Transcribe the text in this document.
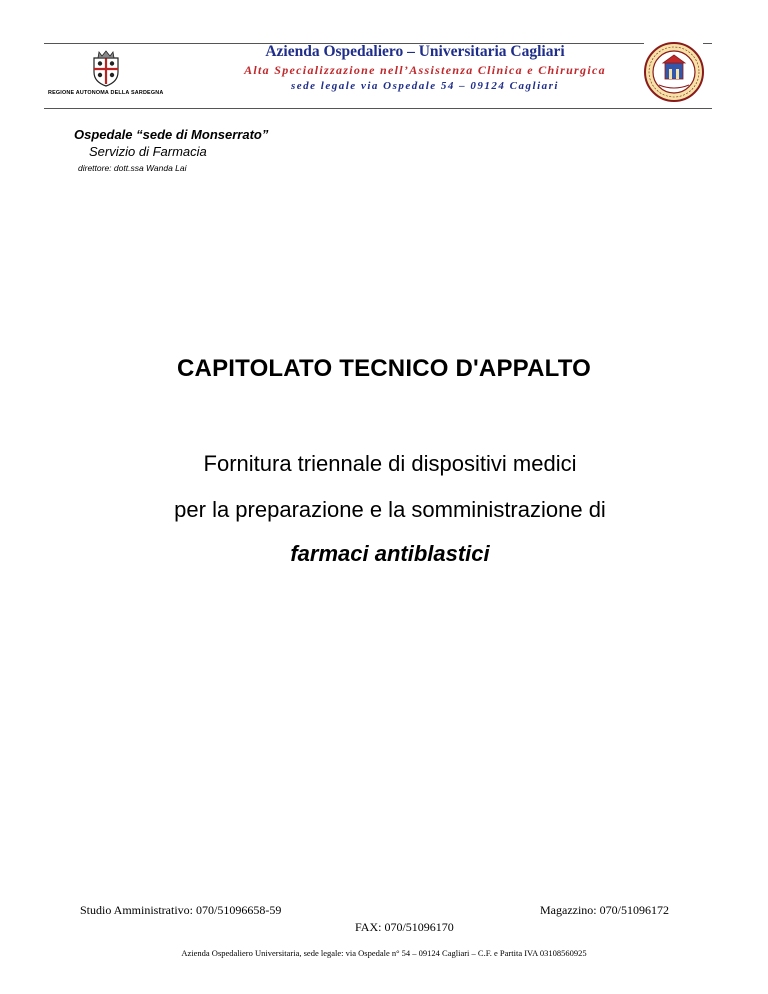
REGIONE AUTONOMA DELLA SARDEGNA
Azienda Ospedaliero – Universitaria Cagliari
Alta Specializzazione nell’Assistenza Clinica e Chirurgica
sede legale via Ospedale 54 – 09124 Cagliari
Ospedale “sede di Monserrato”
Servizio di Farmacia
direttore: dott.ssa Wanda Lai
CAPITOLATO TECNICO D'APPALTO
Fornitura triennale di dispositivi medici
per la preparazione e la somministrazione di
farmaci antiblastici
Studio Amministrativo: 070/51096658-59	Magazzino: 070/51096172
FAX: 070/51096170
Azienda Ospedaliero Universitaria, sede legale: via Ospedale n° 54 – 09124 Cagliari – C.F. e Partita IVA 03108560925
